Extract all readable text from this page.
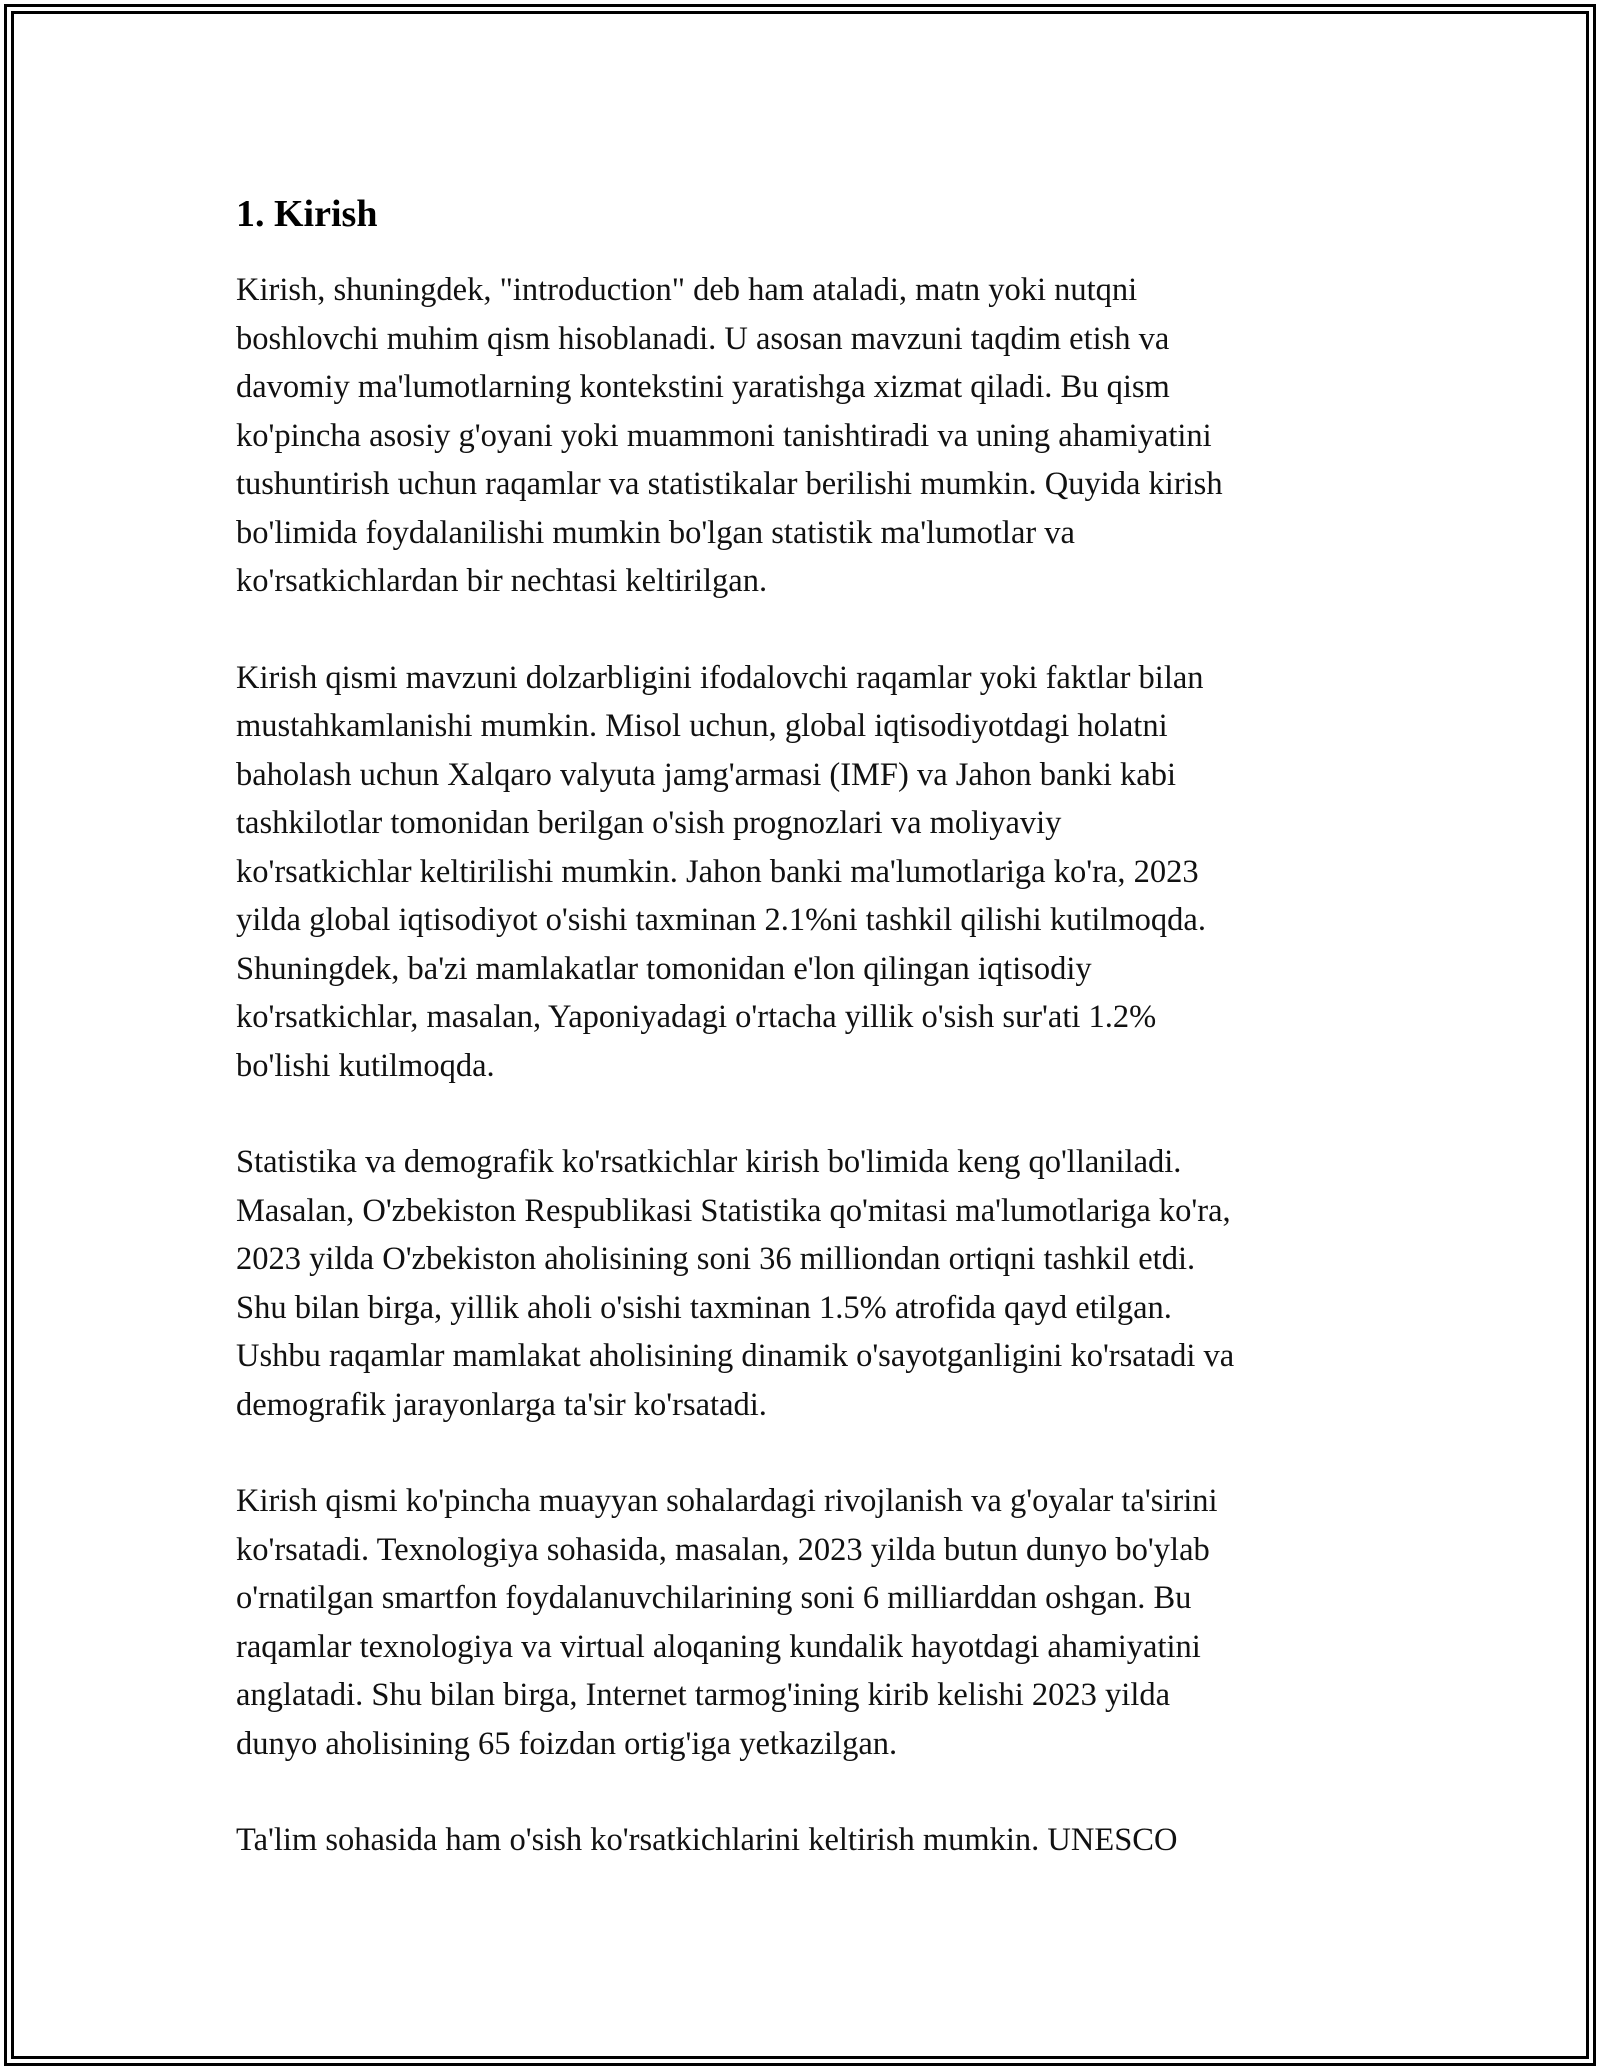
1. Kirish

Kirish, shuningdek, "introduction" deb ham ataladi, matn yoki nutqni
boshlovchi muhim qism hisoblanadi. U asosan mavzuni taqdim etish va
davomiy ma'lumotlarning kontekstini yaratishga xizmat qiladi. Bu qism
ko'pincha asosiy g'oyani yoki muammoni tanishtiradi va uning ahamiyatini
tushuntirish uchun raqamlar va statistikalar berilishi mumkin. Quyida kirish
bo'limida foydalanilishi mumkin bo'lgan statistik ma'lumotlar va
ko'rsatkichlardan bir nechtasi keltirilgan.

Kirish qismi mavzuni dolzarbligini ifodalovchi raqamlar yoki faktlar bilan
mustahkamlanishi mumkin. Misol uchun, global iqtisodiyotdagi holatni
baholash uchun Xalqaro valyuta jamg'armasi (IMF) va Jahon banki kabi
tashkilotlar tomonidan berilgan o'sish prognozlari va moliyaviy
ko'rsatkichlar keltirilishi mumkin. Jahon banki ma'lumotlariga ko'ra, 2023
yilda global iqtisodiyot o'sishi taxminan 2.1%ni tashkil qilishi kutilmoqda.
Shuningdek, ba'zi mamlakatlar tomonidan e'lon qilingan iqtisodiy
ko'rsatkichlar, masalan, Yaponiyadagi o'rtacha yillik o'sish sur'ati 1.2%
bo'lishi kutilmoqda.

Statistika va demografik ko'rsatkichlar kirish bo'limida keng qo'llaniladi.
Masalan, O'zbekiston Respublikasi Statistika qo'mitasi ma'lumotlariga ko'ra,
2023 yilda O'zbekiston aholisining soni 36 milliondan ortiqni tashkil etdi.
Shu bilan birga, yillik aholi o'sishi taxminan 1.5% atrofida qayd etilgan.
Ushbu raqamlar mamlakat aholisining dinamik o'sayotganligini ko'rsatadi va
demografik jarayonlarga ta'sir ko'rsatadi.

Kirish qismi ko'pincha muayyan sohalardagi rivojlanish va g'oyalar ta'sirini
ko'rsatadi. Texnologiya sohasida, masalan, 2023 yilda butun dunyo bo'ylab
o'rnatilgan smartfon foydalanuvchilarining soni 6 milliarddan oshgan. Bu
raqamlar texnologiya va virtual aloqaning kundalik hayotdagi ahamiyatini
anglatadi. Shu bilan birga, Internet tarmog'ining kirib kelishi 2023 yilda
dunyo aholisining 65 foizdan ortig'iga yetkazilgan.

Ta'lim sohasida ham o'sish ko'rsatkichlarini keltirish mumkin. UNESCO
